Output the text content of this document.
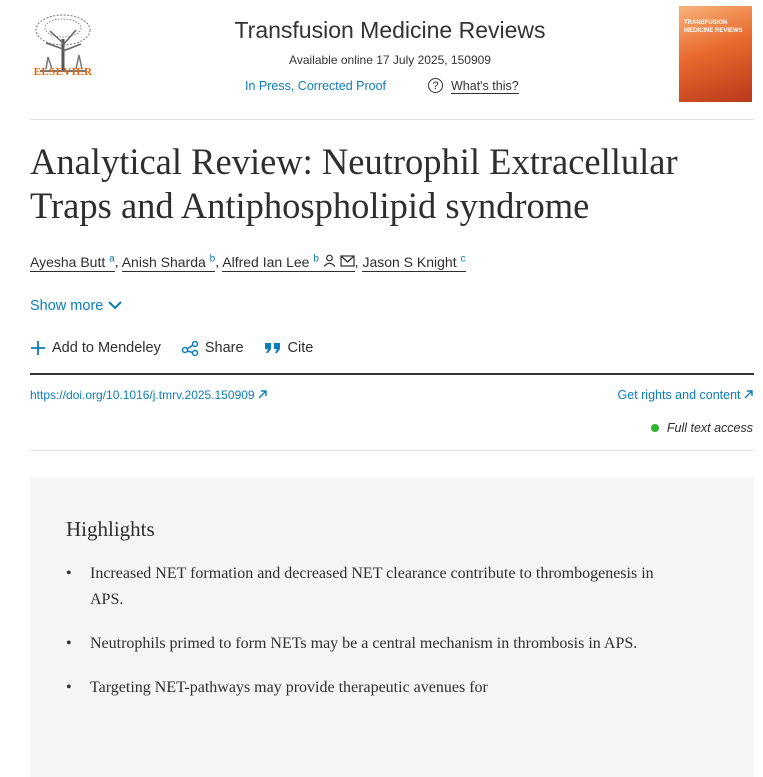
ELSEVIER
Transfusion Medicine Reviews
Available online 17 July 2025, 150909
In Press, Corrected Proof	? What's this?
TRANSFUSION MEDICINE REVIEWS
Analytical Review: Neutrophil Extracellular Traps and Antiphospholipid syndrome
Ayesha Butt $^a$, Anish Sharda $^b$, Alfred Ian Lee $^b$	, Jason S Knight $^c$
Show more
Add to Mendeley	Share	Cite
https://doi.org/10.1016/j.tmrv.2025.150909	Get rights and content
Full text access
Highlights
• Increased NET formation and decreased NET clearance contribute to thrombogenesis in APS.
• Neutrophils primed to form NETs may be a central mechanism in thrombosis in APS.
• Targeting NET-pathways may provide therapeutic avenues for
